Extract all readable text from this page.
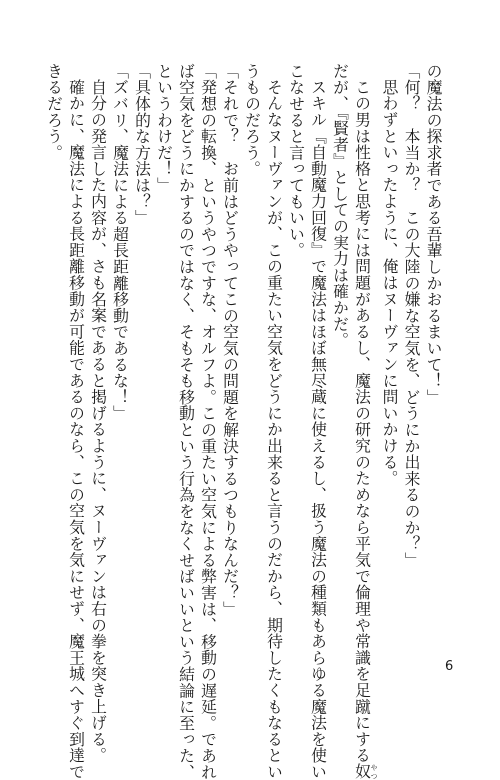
の魔法の探求者である吾輩しかおるまいて！」
「何？　本当か？　この大陸の嫌な空気を、どうにか出来るのか？」
思わずといったように、俺はヌーヴァンに問いかける。
この男は性格と思考には問題があるし、魔法の研究のためなら平気で倫理や常識を足蹴にする奴やつ
だが、『賢者』としての実力は確かだ。
スキル『自動魔力回復』で魔法はほぼ無尽蔵に使えるし、扱う魔法の種類もあらゆる魔法を使い
こなせると言ってもいい。
そんなヌーヴァンが、この重たい空気をどうにか出来ると言うのだから、期待したくもなるとい
うものだろう。
「それで？　お前はどうやってこの空気の問題を解決するつもりなんだ？」
「発想の転換、というやつですな、オルフよ。この重たい空気による弊害は、移動の遅延。であれ
ば空気をどうにかするのではなく、そもそも移動という行為をなくせばいいという結論に至った、
というわけだ！」
「具体的な方法は？」
「ズバリ、魔法による超長距離移動であるな！」
自分の発言した内容が、さも名案であると掲げるように、ヌーヴァンは右の拳を突き上げる。
確かに、魔法による長距離移動が可能であるのなら、この空気を気にせず、魔王城へすぐ到達で
きるだろう。
6
